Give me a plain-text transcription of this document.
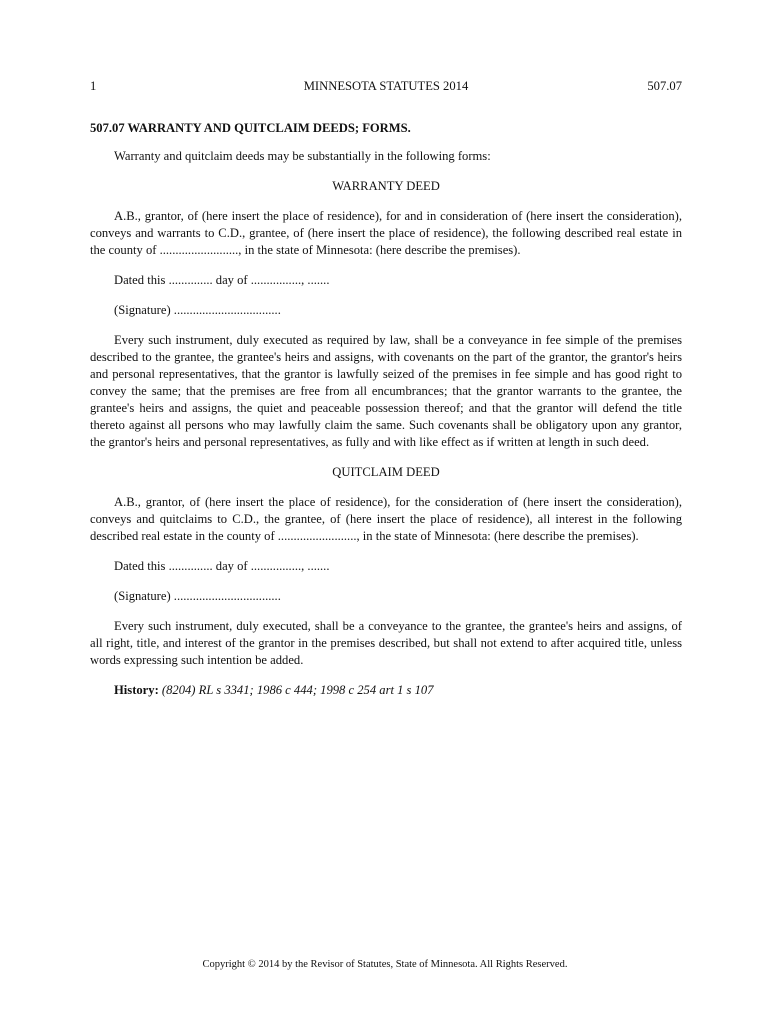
1	MINNESOTA STATUTES 2014	507.07
507.07 WARRANTY AND QUITCLAIM DEEDS; FORMS.

Warranty and quitclaim deeds may be substantially in the following forms:

WARRANTY DEED

A.B., grantor, of (here insert the place of residence), for and in consideration of (here insert the consideration), conveys and warrants to C.D., grantee, of (here insert the place of residence), the following described real estate in the county of ........................., in the state of Minnesota: (here describe the premises).

Dated this .............. day of ................, .......

(Signature) ..................................

Every such instrument, duly executed as required by law, shall be a conveyance in fee simple of the premises described to the grantee, the grantee's heirs and assigns, with covenants on the part of the grantor, the grantor's heirs and personal representatives, that the grantor is lawfully seized of the premises in fee simple and has good right to convey the same; that the premises are free from all encumbrances; that the grantor warrants to the grantee, the grantee's heirs and assigns, the quiet and peaceable possession thereof; and that the grantor will defend the title thereto against all persons who may lawfully claim the same. Such covenants shall be obligatory upon any grantor, the grantor's heirs and personal representatives, as fully and with like effect as if written at length in such deed.

QUITCLAIM DEED

A.B., grantor, of (here insert the place of residence), for the consideration of (here insert the consideration), conveys and quitclaims to C.D., the grantee, of (here insert the place of residence), all interest in the following described real estate in the county of ........................., in the state of Minnesota: (here describe the premises).

Dated this .............. day of ................, .......

(Signature) ..................................

Every such instrument, duly executed, shall be a conveyance to the grantee, the grantee's heirs and assigns, of all right, title, and interest of the grantor in the premises described, but shall not extend to after acquired title, unless words expressing such intention be added.

History: (8204) RL s 3341; 1986 c 444; 1998 c 254 art 1 s 107

Copyright © 2014 by the Revisor of Statutes, State of Minnesota. All Rights Reserved.
